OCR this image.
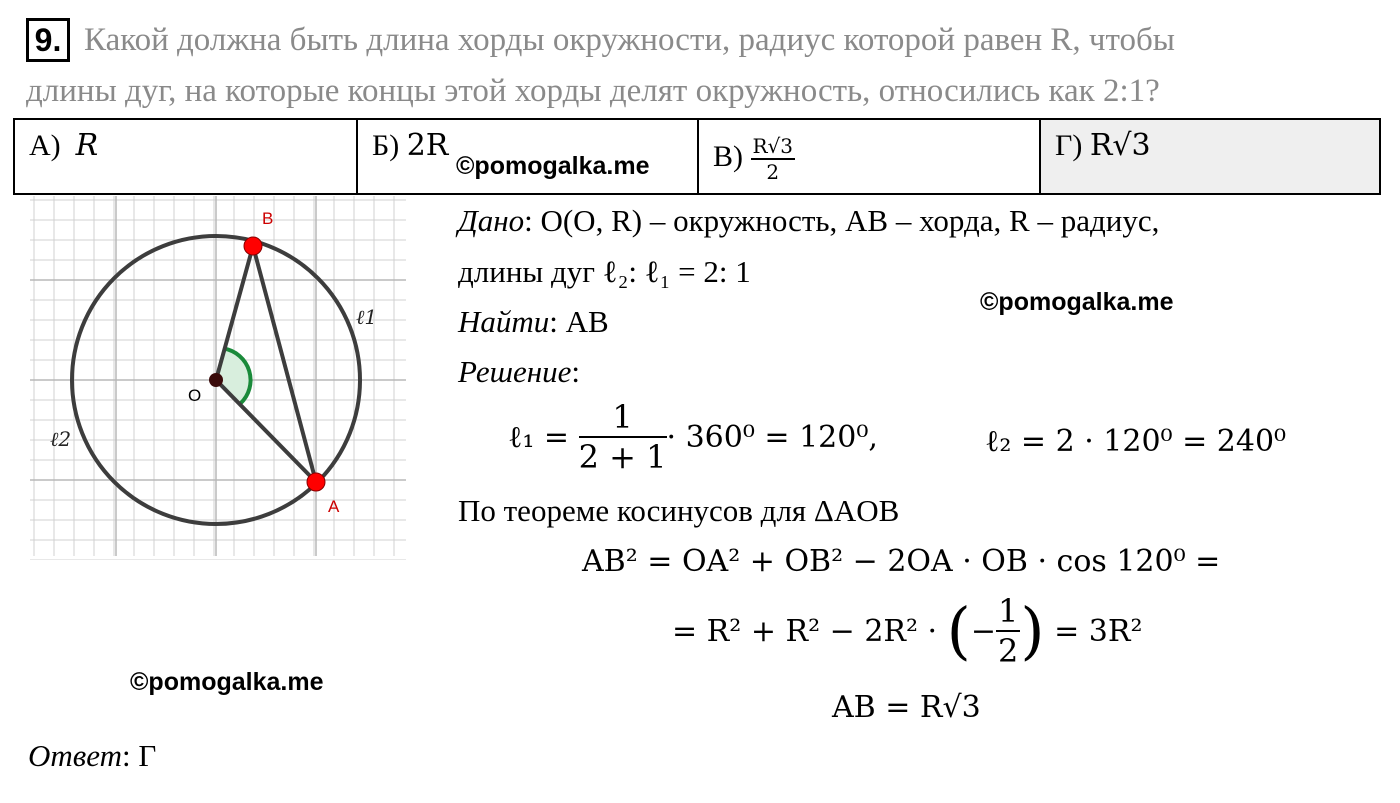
9. Какой должна быть длина хорды окружности, радиус которой равен R, чтобы
длины дуг, на которые концы этой хорды делят окружность, относились как 2:1?
А) R	Б) 2R	$В) \frac{R√3}{2}$	Г) R√3
©pomogalka.me
©pomogalka.me
©pomogalka.me
B
A
O
ℓ1
ℓ2
Дано: O(O, R) – окружность, AB – хорда, R – радиус,
длины дуг ℓ₂: ℓ₁ = 2: 1
Найти: AB
Решение:
ℓ₁ =
$\frac{1}{2 + 1} \cdot 360^0 = 120^0$,	ℓ₂ = 2 · 120⁰ = 240⁰
По теореме косинусов для ΔAOB
AB² = OA² + OB² − 2OA · OB · cos 120⁰ =
= R² + R² − 2R² ·
( − $\frac{1}{2}$ )
= 3R²
AB = R√3
Ответ: Г
